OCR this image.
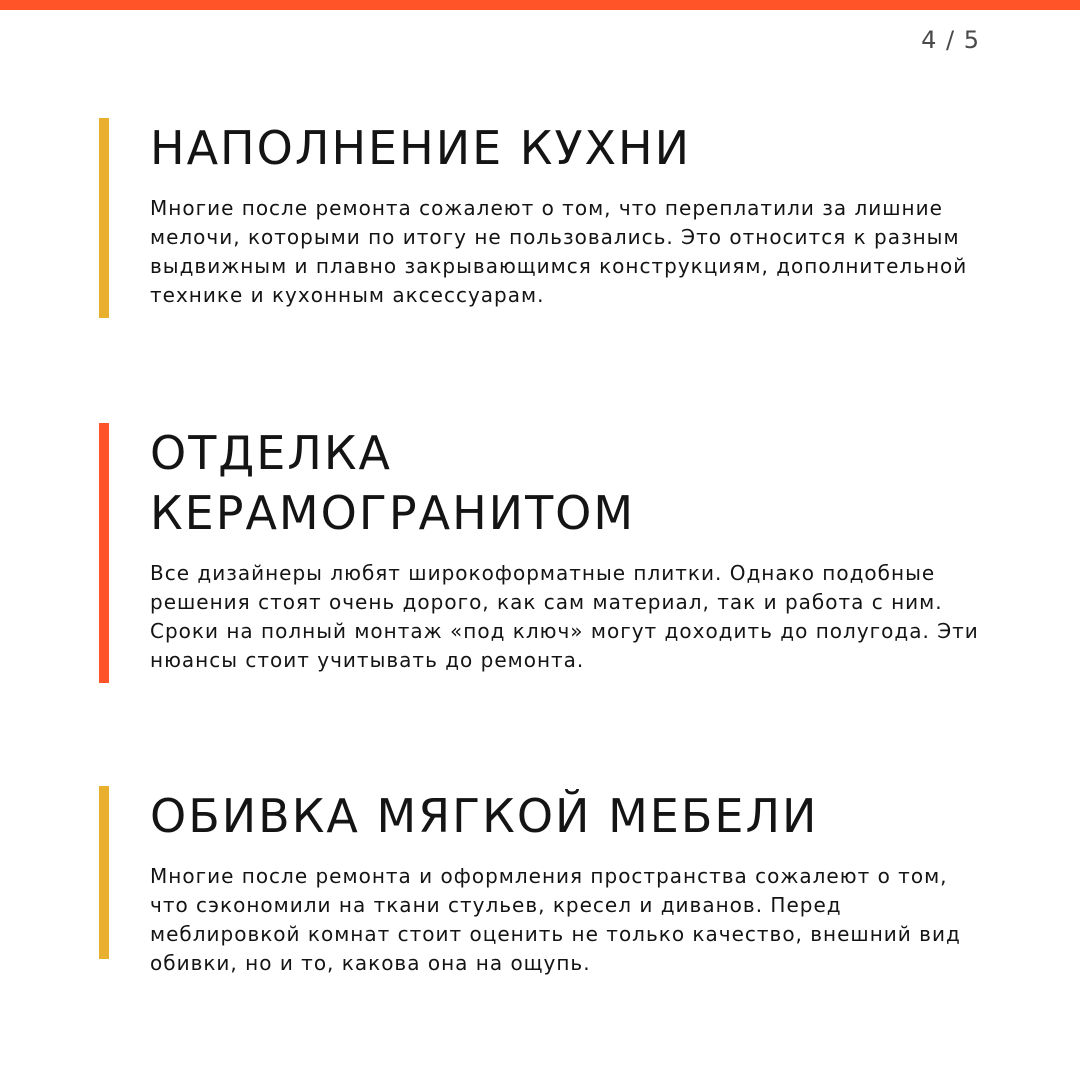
4 / 5
НАПОЛНЕНИЕ КУХНИ

Многие после ремонта сожалеют о том, что переплатили за лишние мелочи, которыми по итогу не пользовались. Это относится к разным выдвижным и плавно закрывающимся конструкциям, дополнительной технике и кухонным аксессуарам.

ОТДЕЛКА
КЕРАМОГРАНИТОМ

Все дизайнеры любят широкоформатные плитки. Однако подобные решения стоят очень дорого, как сам материал, так и работа с ним. Сроки на полный монтаж «под ключ» могут доходить до полугода. Эти нюансы стоит учитывать до ремонта.

ОБИВКА МЯГКОЙ МЕБЕЛИ

Многие после ремонта и оформления пространства сожалеют о том, что сэкономили на ткани стульев, кресел и диванов. Перед меблировкой комнат стоит оценить не только качество, внешний вид обивки, но и то, какова она на ощупь.
